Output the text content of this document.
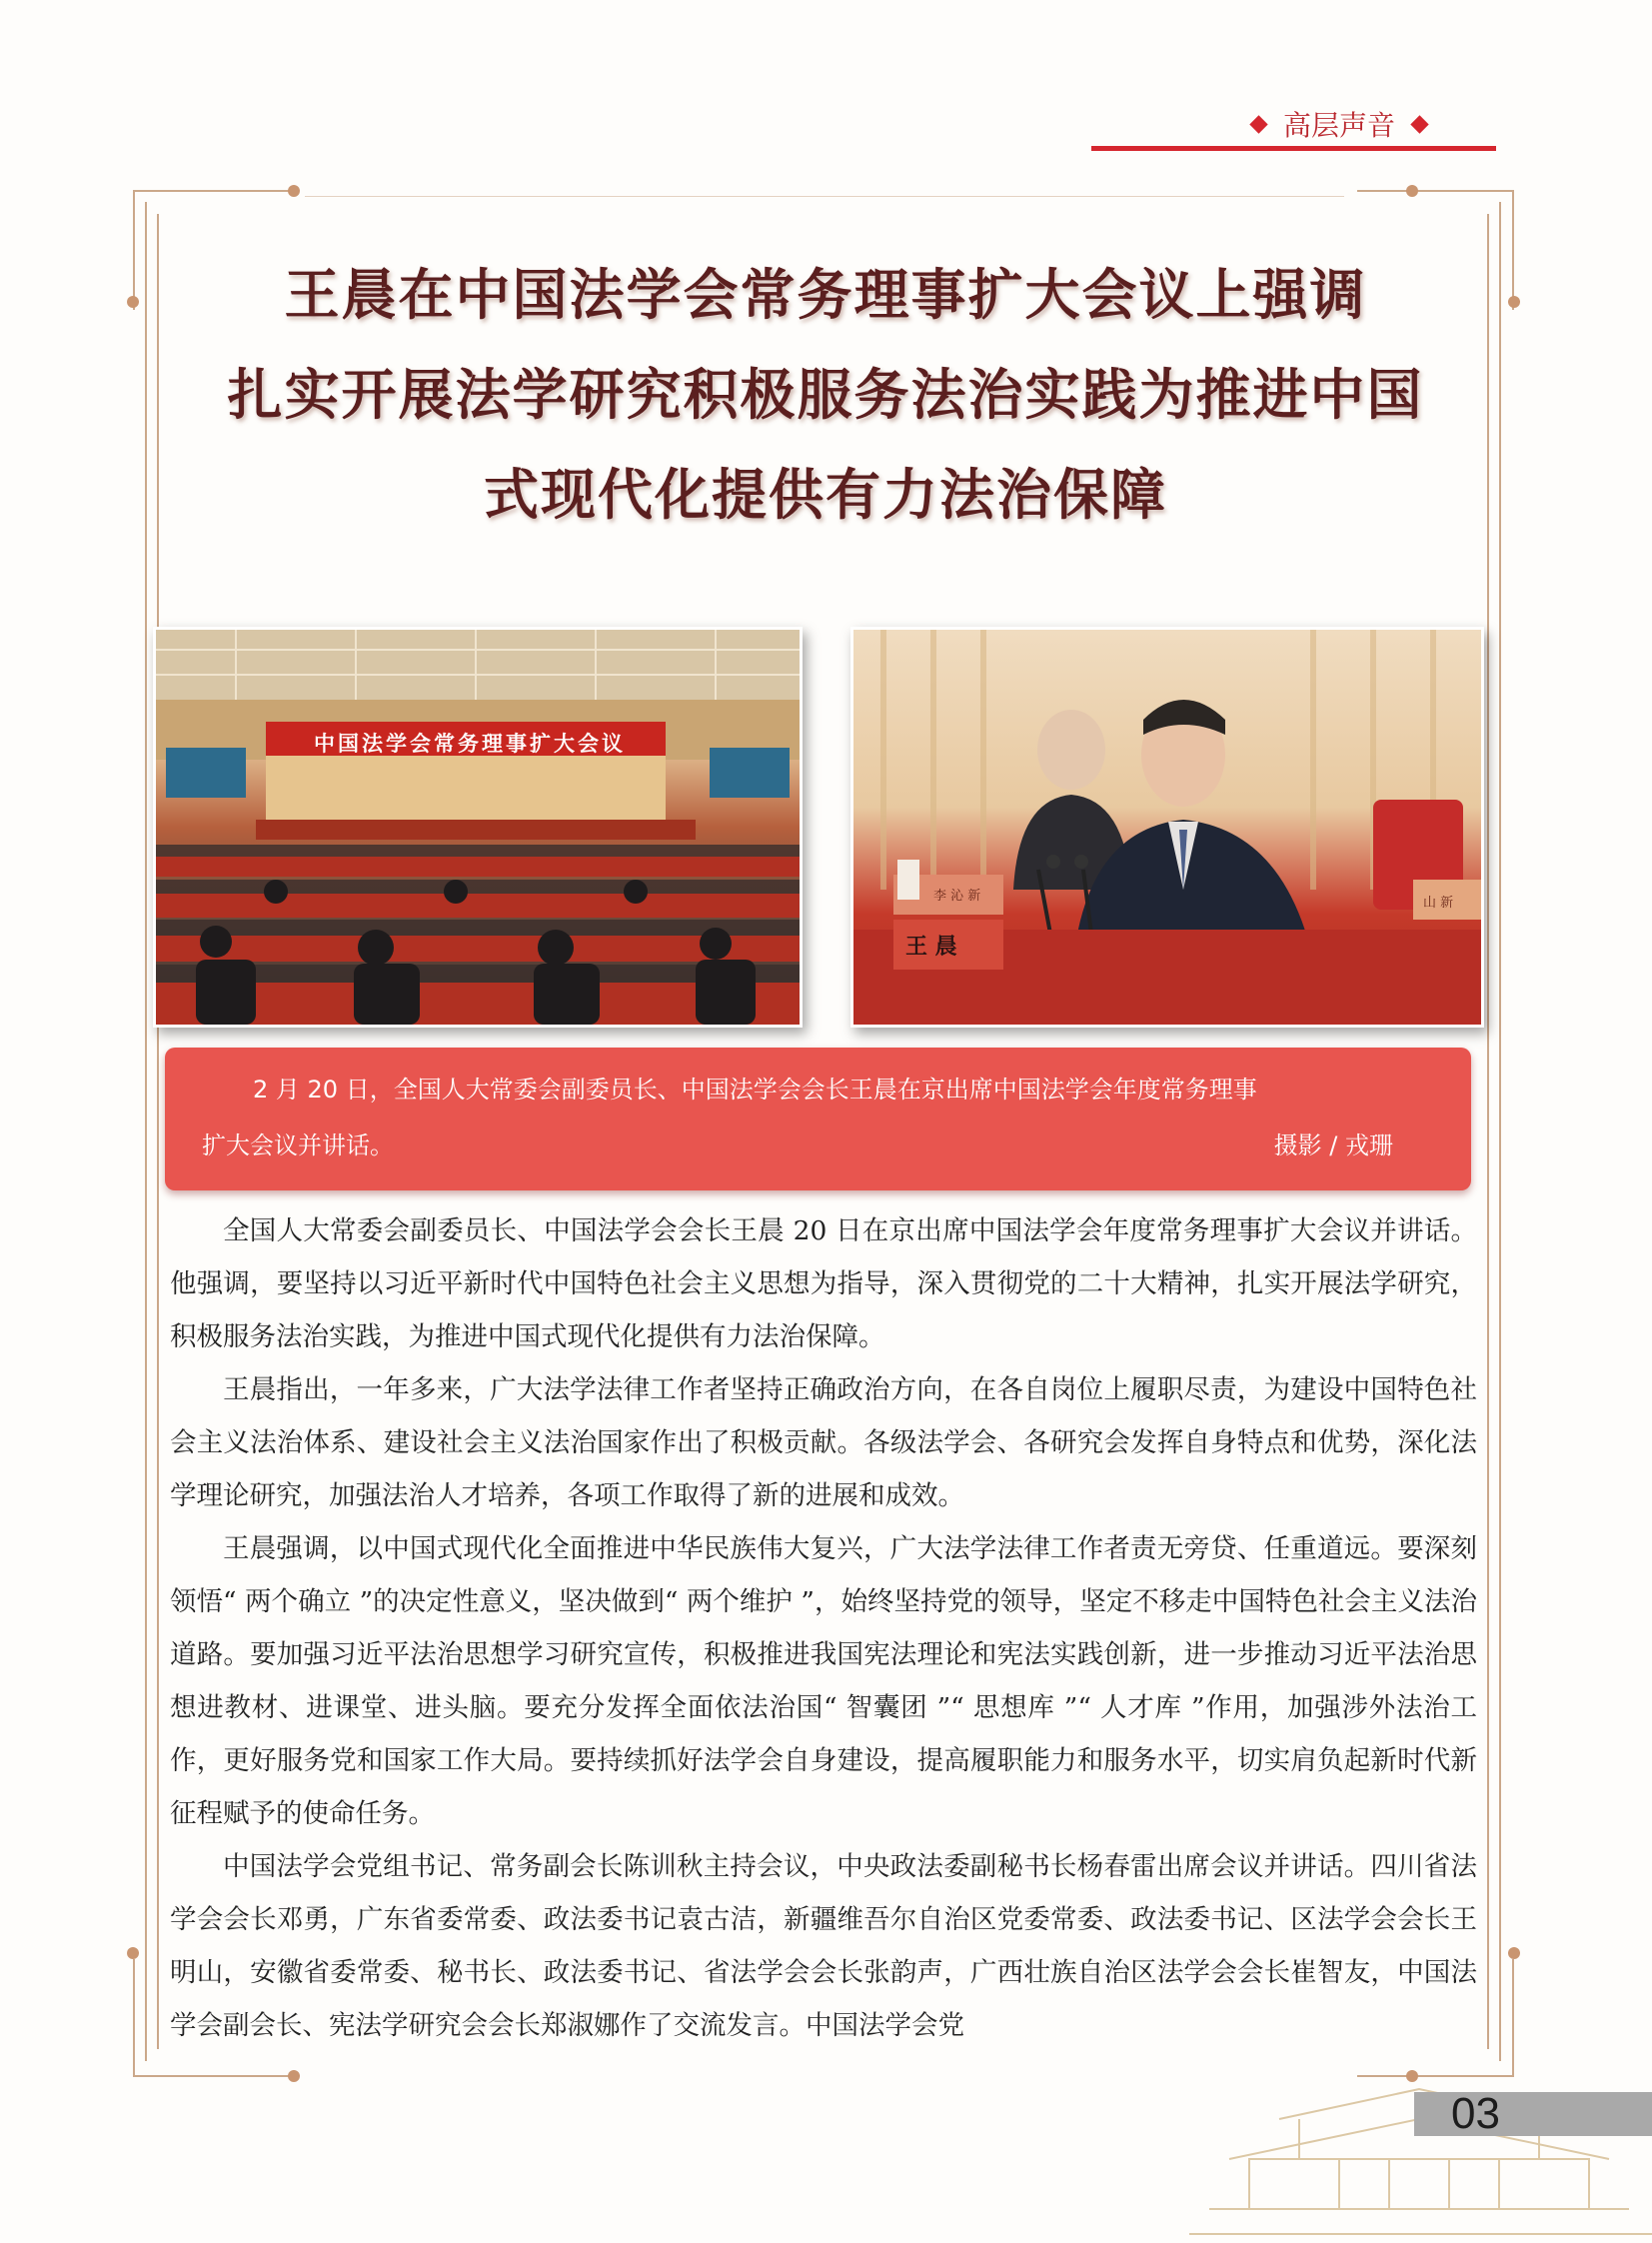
高层声音
王晨在中国法学会常务理事扩大会议上强调
扎实开展法学研究积极服务法治实践为推进中国
式现代化提供有力法治保障
中国法学会常务理事扩大会议
王 晨
李 沁 新	山 新
2 月 20 日，全国人大常委会副委员长、中国法学会会长王晨在京出席中国法学会年度常务理事
扩大会议并讲话。	摄影 / 戎珊

全国人大常委会副委员长、中国法学会会长王晨 20 日在京出席中国法学会年度常务理事扩大会议并讲话。他强调，要坚持以习近平新时代中国特色社会主义思想为指导，深入贯彻党的二十大精神，扎实开展法学研究，积极服务法治实践，为推进中国式现代化提供有力法治保障。

王晨指出，一年多来，广大法学法律工作者坚持正确政治方向，在各自岗位上履职尽责，为建设中国特色社会主义法治体系、建设社会主义法治国家作出了积极贡献。各级法学会、各研究会发挥自身特点和优势，深化法学理论研究，加强法治人才培养，各项工作取得了新的进展和成效。

王晨强调，以中国式现代化全面推进中华民族伟大复兴，广大法学法律工作者责无旁贷、任重道远。要深刻领悟“ 两个确立 ”的决定性意义，坚决做到“ 两个维护 ”，始终坚持党的领导，坚定不移走中国特色社会主义法治道路。要加强习近平法治思想学习研究宣传，积极推进我国宪法理论和宪法实践创新，进一步推动习近平法治思想进教材、进课堂、进头脑。要充分发挥全面依法治国“ 智囊团 ”“ 思想库 ”“ 人才库 ”作用，加强涉外法治工作，更好服务党和国家工作大局。要持续抓好法学会自身建设，提高履职能力和服务水平，切实肩负起新时代新征程赋予的使命任务。

中国法学会党组书记、常务副会长陈训秋主持会议，中央政法委副秘书长杨春雷出席会议并讲话。四川省法学会会长邓勇，广东省委常委、政法委书记袁古洁，新疆维吾尔自治区党委常委、政法委书记、区法学会会长王明山，安徽省委常委、秘书长、政法委书记、省法学会会长张韵声，广西壮族自治区法学会会长崔智友，中国法学会副会长、宪法学研究会会长郑淑娜作了交流发言。中国法学会党

03
